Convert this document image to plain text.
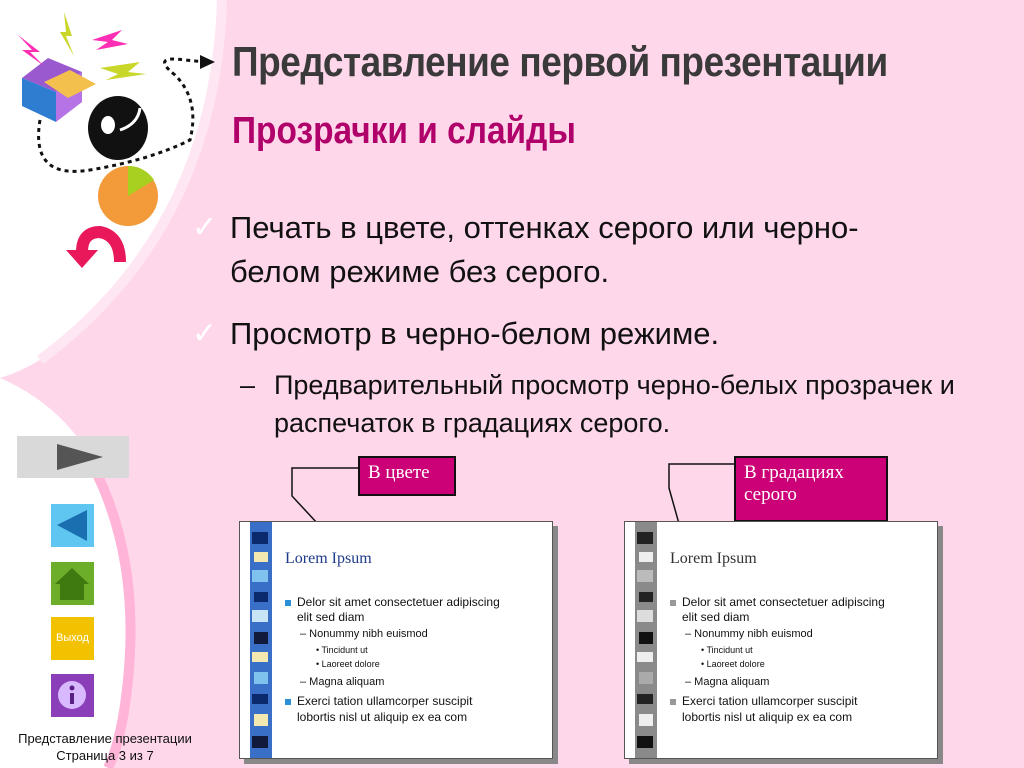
Представление первой презентации
Прозрачки и слайды
✓ Печать в цвете, оттенках серого или черно-
белом режиме без серого.
✓ Просмотр в черно-белом режиме.
– Предварительный просмотр черно-белых прозрачек и
распечаток в градациях серого.
Выход
В цвете	В градациях
серого
Lorem Ipsum
Delor sit amet consectetuer adipiscing
elit sed diam
– Nonummy nibh euismod
• Tincidunt ut
• Laoreet dolore
– Magna aliquam
Exerci tation ullamcorper suscipit
lobortis nisl ut aliquip ex ea com
Lorem Ipsum
Delor sit amet consectetuer adipiscing
elit sed diam
– Nonummy nibh euismod
• Tincidunt ut
• Laoreet dolore
– Magna aliquam
Exerci tation ullamcorper suscipit
lobortis nisl ut aliquip ex ea com
Представление презентации
Страница 3 из 7
